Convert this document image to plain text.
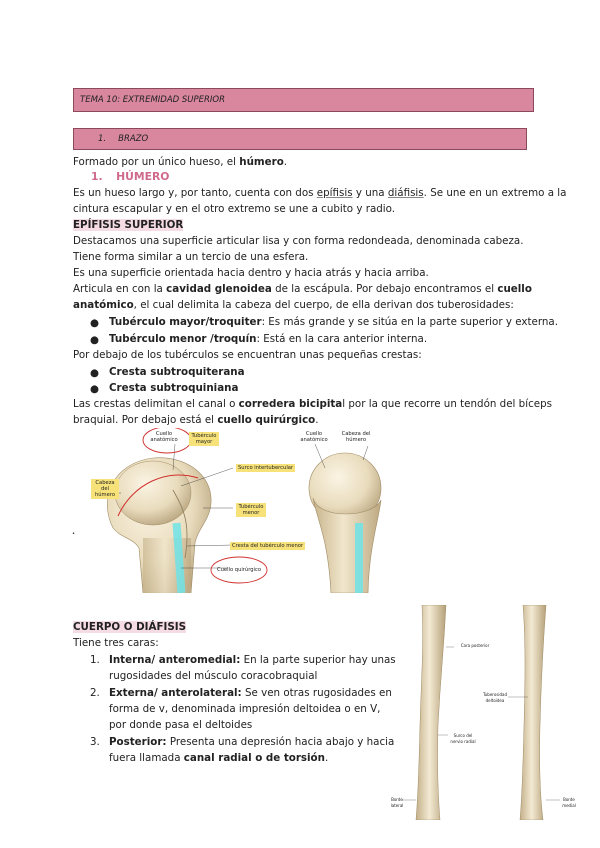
TEMA 10: EXTREMIDAD SUPERIOR
1. BRAZO
Formado por un único hueso, el húmero.
1. HÚMERO
Es un hueso largo y, por tanto, cuenta con dos epífisis y una diáfisis. Se une en un extremo a la
cintura escapular y en el otro extremo se une a cubito y radio.
EPÍFISIS SUPERIOR
Destacamos una superficie articular lisa y con forma redondeada, denominada cabeza.
Tiene forma similar a un tercio de una esfera.
Es una superficie orientada hacia dentro y hacia atrás y hacia arriba.
Articula en con la cavidad glenoidea de la escápula. Por debajo encontramos el cuello
anatómico, el cual delimita la cabeza del cuerpo, de ella derivan dos tuberosidades:
● Tubérculo mayor/troquiter: Es más grande y se sitúa en la parte superior y externa.
● Tubérculo menor /troquín: Está en la cara anterior interna.
Por debajo de los tubérculos se encuentran unas pequeñas crestas:
● Cresta subtroquiterana
● Cresta subtroquiniana
Las crestas delimitan el canal o corredera bicipital por la que recorre un tendón del bíceps
braquial. Por debajo está el cuello quirúrgico.
Cuello anatómico
Tubérculo mayor
Surco intertubercular
Cabeza del húmero
Tubérculo menor
Cresta del tubérculo menor
Cuello quirúrgico
Cuello anatómico
Cabeza del húmero
•
CUERPO O DIÁFISIS
Tiene tres caras:
1. Interna/ anteromedial: En la parte superior hay unas
rugosidades del músculo coracobraquial
2. Externa/ anterolateral: Se ven otras rugosidades en
forma de v, denominada impresión deltoidea o en V,
por donde pasa el deltoides
3. Posterior: Presenta una depresión hacia abajo y hacia
fuera llamada canal radial o de torsión.
Cara posterior
Tuberosidad deltoidea
Surco del nervio radial
Borde lateral
Borde medial
